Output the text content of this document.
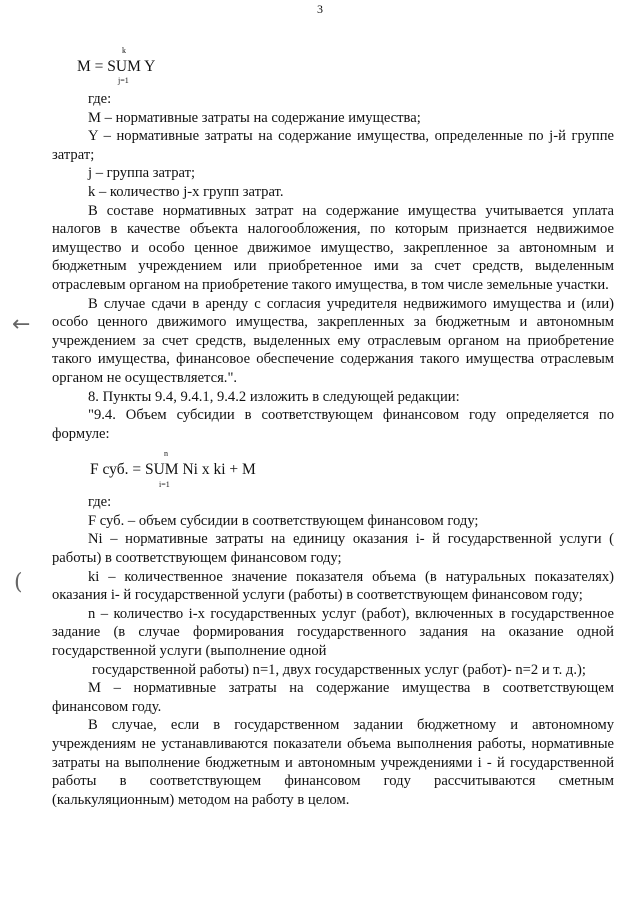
3
←
(
k
M = SUM Y
j=1

где:

M – нормативные затраты на содержание имущества;

Y – нормативные затраты на содержание имущества, определенные по j-й группе затрат;

j – группа затрат;

k – количество j-х групп затрат.

В составе нормативных затрат на содержание имущества учитывается уплата налогов в качестве объекта налогообложения, по которым признается недвижимое имущество и особо ценное движимое имущество, закрепленное за автономным и бюджетным учреждением или приобретенное ими за счет средств, выделенным отраслевым органом на приобретение такого имущества, в том числе земельные участки.

В случае сдачи в аренду с согласия учредителя недвижимого имущества и (или) особо ценного движимого имущества, закрепленных за бюджетным и автономным учреждением за счет средств, выделенных ему отраслевым органом на приобретение такого имущества, финансовое обеспечение содержания такого имущества отраслевым органом не осуществляется.".

8. Пункты 9.4, 9.4.1, 9.4.2 изложить в следующей редакции:

"9.4. Объем субсидии в соответствующем финансовом году определяется по формуле:

n
F суб. = SUM Ni x ki + M
i=1

где:

F суб. – объем субсидии в соответствующем финансовом году;

Ni – нормативные затраты на единицу оказания i- й государственной услуги ( работы) в соответствующем финансовом году;

ki – количественное значение показателя объема (в натуральных показателях) оказания i- й государственной услуги (работы) в соответствующем финансовом году;

n – количество i-х государственных услуг (работ), включенных в государственное задание (в случае формирования государственного задания на оказание одной государственной услуги (выполнение одной

государственной работы) n=1, двух государственных услуг (работ)- n=2 и т. д.);

M – нормативные затраты на содержание имущества в соответствующем финансовом году.

В случае, если в государственном задании бюджетному и автономному учреждениям не устанавливаются показатели объема выполнения работы, нормативные затраты на выполнение бюджетным и автономным учреждениями i - й государственной работы в соответствующем финансовом году рассчитываются сметным (калькуляционным) методом на работу в целом.
